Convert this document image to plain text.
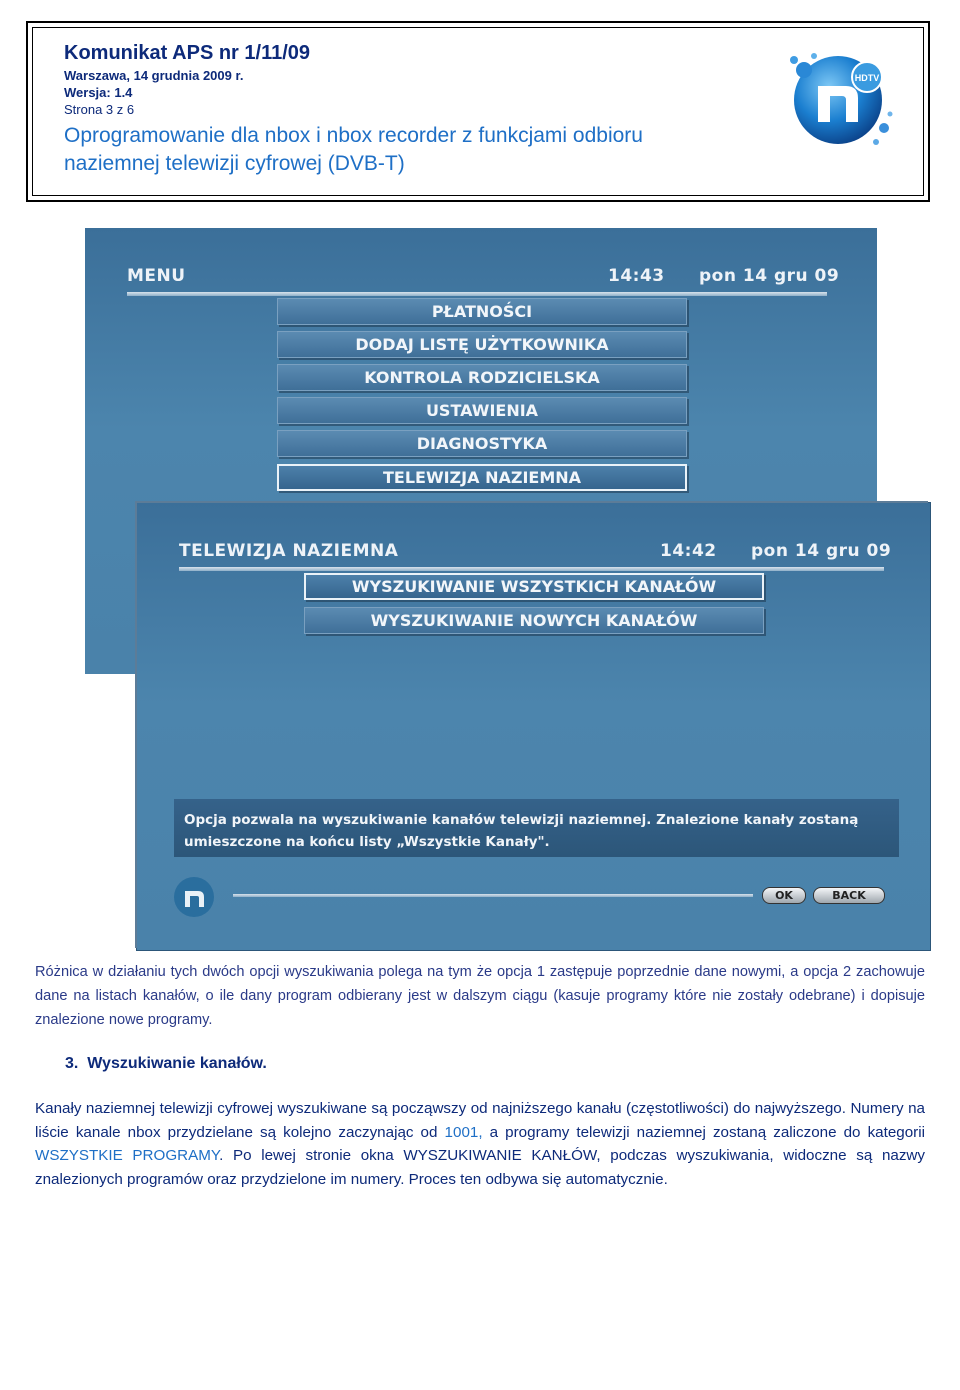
Komunikat APS nr 1/11/09
Warszawa, 14 grudnia 2009 r.
Wersja: 1.4
Strona 3 z 6
Oprogramowanie dla nbox i nbox recorder z funkcjami odbioru
naziemnej telewizji cyfrowej (DVB-T)
HDTV
MENU	14:43 pon 14 gru 09
PŁATNOŚCI
DODAJ LISTĘ UŻYTKOWNIKA
KONTROLA RODZICIELSKA
USTAWIENIA
DIAGNOSTYKA
TELEWIZJA NAZIEMNA
TELEWIZJA NAZIEMNA	14:42 pon 14 gru 09
WYSZUKIWANIE WSZYSTKICH KANAŁÓW
WYSZUKIWANIE NOWYCH KANAŁÓW
Opcja pozwala na wyszukiwanie kanałów telewizji naziemnej. Znalezione kanały zostaną
umieszczone na końcu listy „Wszystkie Kanały".
OK	BACK
Różnica w działaniu tych dwóch opcji wyszukiwania polega na tym że opcja 1 zastępuje poprzednie dane nowymi, a opcja 2 zachowuje dane na listach kanałów, o ile dany program odbierany jest w dalszym ciągu (kasuje programy które nie zostały odebrane) i dopisuje znalezione nowe programy.
3. Wyszukiwanie kanałów.
Kanały naziemnej telewizji cyfrowej wyszukiwane są począwszy od najniższego kanału (częstotliwości) do najwyższego. Numery na liście kanale nbox przydzielane są kolejno zaczynając od 1001, a programy telewizji naziemnej zostaną zaliczone do kategorii WSZYSTKIE PROGRAMY. Po lewej stronie okna WYSZUKIWANIE KANŁÓW, podczas wyszukiwania, widoczne są nazwy znalezionych programów oraz przydzielone im numery. Proces ten odbywa się automatycznie.
